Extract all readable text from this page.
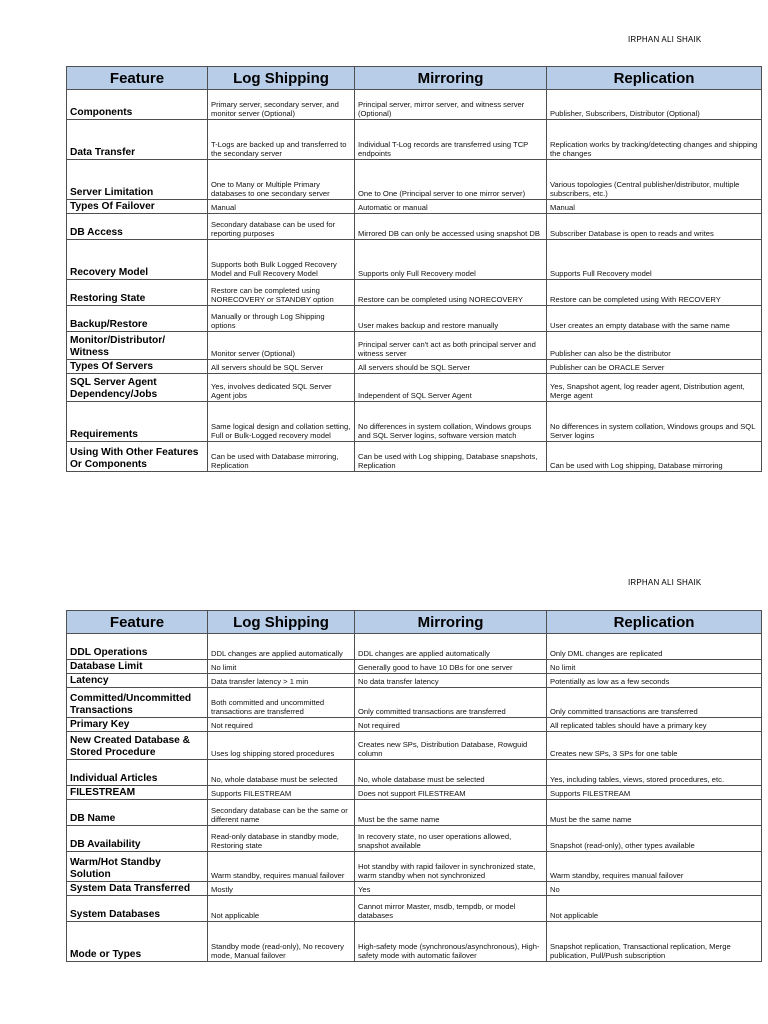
IRPHAN ALI SHAIK
Feature	Log Shipping	Mirroring	Replication
Components	Primary server, secondary server, and monitor server (Optional)	Principal server, mirror server, and witness server (Optional)	Publisher, Subscribers, Distributor (Optional)
Data Transfer	T-Logs are backed up and transferred to the secondary server	Individual T-Log records are transferred using TCP endpoints	Replication works by tracking/detecting changes and shipping the changes
Server Limitation	One to Many or Multiple Primary databases to one secondary server	One to One (Principal server to one mirror server)	Various topologies (Central publisher/distributor, multiple subscribers, etc.)
Types Of Failover	Manual	Automatic or manual	Manual
DB Access	Secondary database can be used for reporting purposes	Mirrored DB can only be accessed using snapshot DB	Subscriber Database is open to reads and writes
Recovery Model	Supports both Bulk Logged Recovery Model and Full Recovery Model	Supports only Full Recovery model	Supports Full Recovery model
Restoring State	Restore can be completed using NORECOVERY or STANDBY option	Restore can be completed using NORECOVERY	Restore can be completed using With RECOVERY
Backup/Restore	Manually or through Log Shipping options	User makes backup and restore manually	User creates an empty database with the same name
Monitor/Distributor/ Witness	Monitor server (Optional)	Principal server can't act as both principal server and witness server	Publisher can also be the distributor
Types Of Servers	All servers should be SQL Server	All servers should be SQL Server	Publisher can be ORACLE Server
SQL Server Agent Dependency/Jobs	Yes, involves dedicated SQL Server Agent jobs	Independent of SQL Server Agent	Yes, Snapshot agent, log reader agent, Distribution agent, Merge agent
Requirements	Same logical design and collation setting, Full or Bulk-Logged recovery model	No differences in system collation, Windows groups and SQL Server logins, software version match	No differences in system collation, Windows groups and SQL Server logins
Using With Other Features Or Components	Can be used with Database mirroring, Replication	Can be used with Log shipping, Database snapshots, Replication	Can be used with Log shipping, Database mirroring
IRPHAN ALI SHAIK
Feature	Log Shipping	Mirroring	Replication
DDL Operations	DDL changes are applied automatically	DDL changes are applied automatically	Only DML changes are replicated
Database Limit	No limit	Generally good to have 10 DBs for one server	No limit
Latency	Data transfer latency > 1 min	No data transfer latency	Potentially as low as a few seconds
Committed/Uncommitted Transactions	Both committed and uncommitted transactions are transferred	Only committed transactions are transferred	Only committed transactions are transferred
Primary Key	Not required	Not required	All replicated tables should have a primary key
New Created Database & Stored Procedure	Uses log shipping stored procedures	Creates new SPs, Distribution Database, Rowguid column	Creates new SPs, 3 SPs for one table
Individual Articles	No, whole database must be selected	No, whole database must be selected	Yes, including tables, views, stored procedures, etc.
FILESTREAM	Supports FILESTREAM	Does not support FILESTREAM	Supports FILESTREAM
DB Name	Secondary database can be the same or different name	Must be the same name	Must be the same name
DB Availability	Read-only database in standby mode, Restoring state	In recovery state, no user operations allowed, snapshot available	Snapshot (read-only), other types available
Warm/Hot Standby Solution	Warm standby, requires manual failover	Hot standby with rapid failover in synchronized state, warm standby when not synchronized	Warm standby, requires manual failover
System Data Transferred	Mostly	Yes	No
System Databases	Not applicable	Cannot mirror Master, msdb, tempdb, or model databases	Not applicable
Mode or Types	Standby mode (read-only), No recovery mode, Manual failover	High-safety mode (synchronous/asynchronous), High-safety mode with automatic failover	Snapshot replication, Transactional replication, Merge publication, Pull/Push subscription
